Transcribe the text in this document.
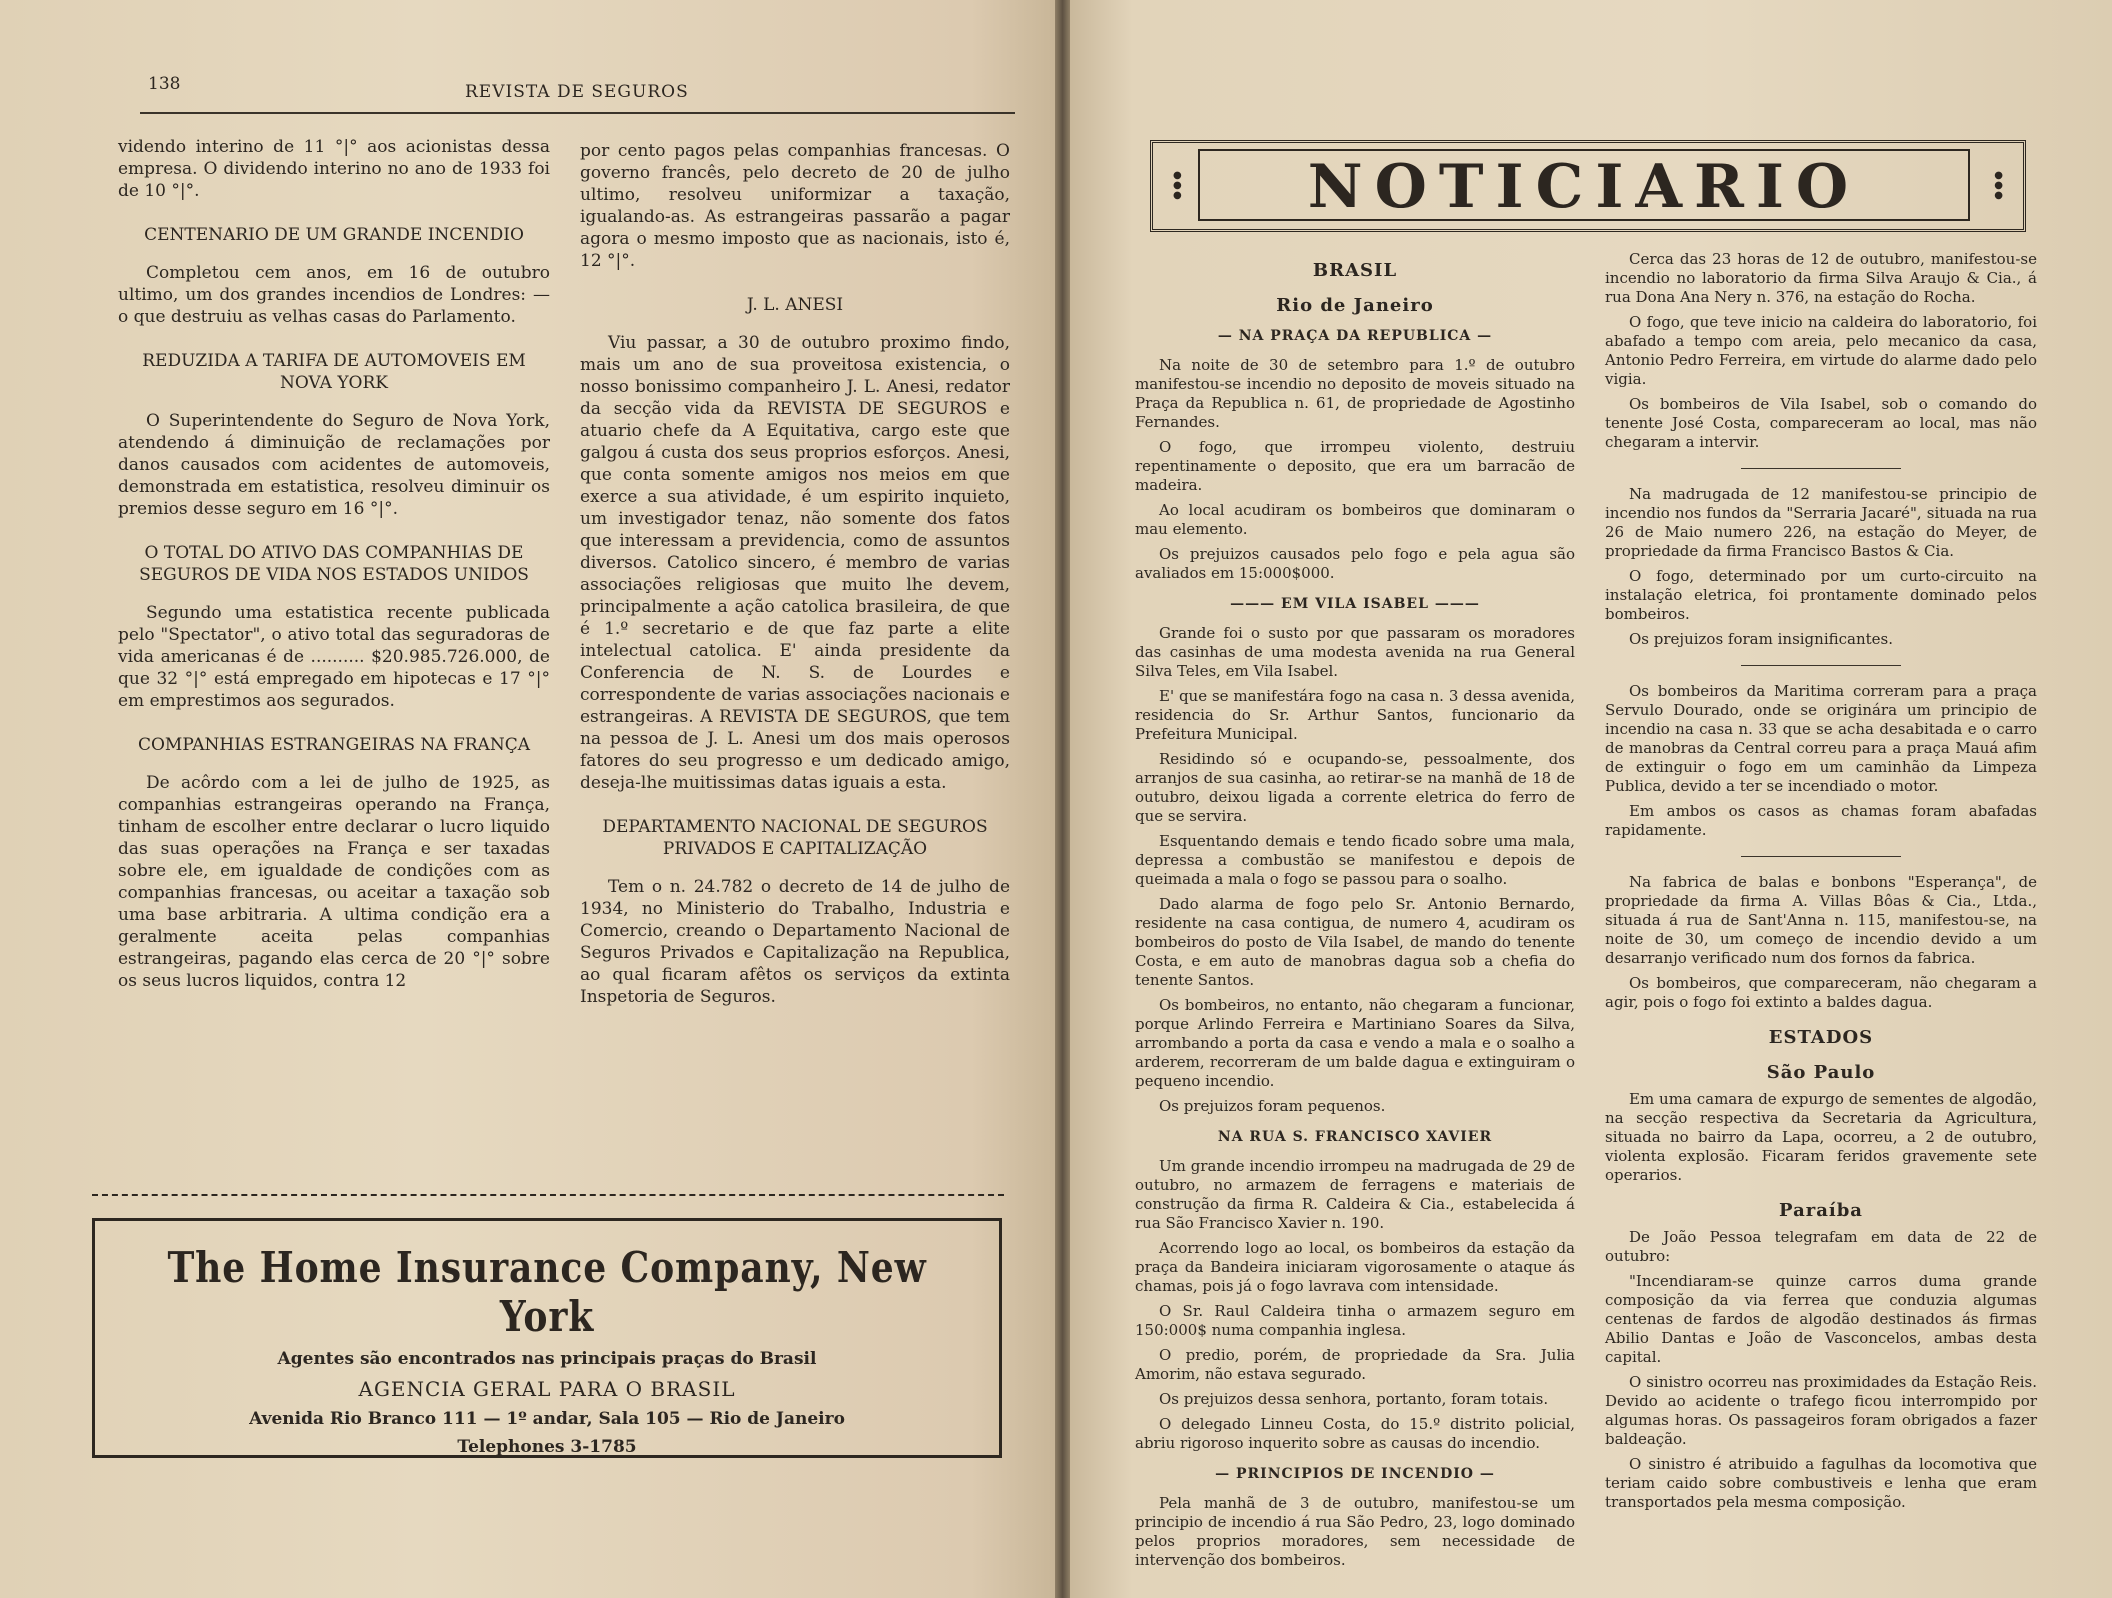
138	REVISTA DE SEGUROS

videndo interino de 11 °|° aos acionistas dessa empresa. O dividendo interino no ano de 1933 foi de 10 °|°.

CENTENARIO DE UM GRANDE INCENDIO

Completou cem anos, em 16 de outubro ultimo, um dos grandes incendios de Londres: — o que destruiu as velhas casas do Parlamento.

REDUZIDA A TARIFA DE AUTOMOVEIS EM NOVA YORK

O Superintendente do Seguro de Nova York, atendendo á diminuição de reclamações por danos causados com acidentes de automoveis, demonstrada em estatistica, resolveu diminuir os premios desse seguro em 16 °|°.

O TOTAL DO ATIVO DAS COMPANHIAS DE SEGUROS DE VIDA NOS ESTADOS UNIDOS

Segundo uma estatistica recente publicada pelo "Spectator", o ativo total das seguradoras de vida americanas é de .......... $20.985.726.000, de que 32 °|° está empregado em hipotecas e 17 °|° em emprestimos aos segurados.

COMPANHIAS ESTRANGEIRAS NA FRANÇA

De acôrdo com a lei de julho de 1925, as companhias estrangeiras operando na França, tinham de escolher entre declarar o lucro liquido das suas operações na França e ser taxadas sobre ele, em igualdade de condições com as companhias francesas, ou aceitar a taxação sob uma base arbitraria. A ultima condição era a geralmente aceita pelas companhias estrangeiras, pagando elas cerca de 20 °|° sobre os seus lucros liquidos, contra 12

por cento pagos pelas companhias francesas. O governo francês, pelo decreto de 20 de julho ultimo, resolveu uniformizar a taxação, igualando-as. As estrangeiras passarão a pagar agora o mesmo imposto que as nacionais, isto é, 12 °|°.

J. L. ANESI

Viu passar, a 30 de outubro proximo findo, mais um ano de sua proveitosa existencia, o nosso bonissimo companheiro J. L. Anesi, redator da secção vida da REVISTA DE SEGUROS e atuario chefe da A Equitativa, cargo este que galgou á custa dos seus proprios esforços. Anesi, que conta somente amigos nos meios em que exerce a sua atividade, é um espirito inquieto, um investigador tenaz, não somente dos fatos que interessam a previdencia, como de assuntos diversos. Catolico sincero, é membro de varias associações religiosas que muito lhe devem, principalmente a ação catolica brasileira, de que é 1.º secretario e de que faz parte a elite intelectual catolica. E' ainda presidente da Conferencia de N. S. de Lourdes e correspondente de varias associações nacionais e estrangeiras. A REVISTA DE SEGUROS, que tem na pessoa de J. L. Anesi um dos mais operosos fatores do seu progresso e um dedicado amigo, deseja-lhe muitissimas datas iguais a esta.

DEPARTAMENTO NACIONAL DE SEGUROS PRIVADOS E CAPITALIZAÇÃO

Tem o n. 24.782 o decreto de 14 de julho de 1934, no Ministerio do Trabalho, Industria e Comercio, creando o Departamento Nacional de Seguros Privados e Capitalização na Republica, ao qual ficaram afêtos os serviços da extinta Inspetoria de Seguros.

The Home Insurance Company, New York
Agentes são encontrados nas principais praças do Brasil
AGENCIA GERAL PARA O BRASIL
Avenida Rio Branco 111 — 1º andar, Sala 105 — Rio de Janeiro
Telephones 3-1785
●
●
●	NOTICIARIO	●
●
●
BRASIL
Rio de Janeiro
— NA PRAÇA DA REPUBLICA —

Na noite de 30 de setembro para 1.º de outubro manifestou-se incendio no deposito de moveis situado na Praça da Republica n. 61, de propriedade de Agostinho Fernandes.

O fogo, que irrompeu violento, destruiu repentinamente o deposito, que era um barracão de madeira.

Ao local acudiram os bombeiros que dominaram o mau elemento.

Os prejuizos causados pelo fogo e pela agua são avaliados em 15:000$000.

——— EM VILA ISABEL ———

Grande foi o susto por que passaram os moradores das casinhas de uma modesta avenida na rua General Silva Teles, em Vila Isabel.

E' que se manifestára fogo na casa n. 3 dessa avenida, residencia do Sr. Arthur Santos, funcionario da Prefeitura Municipal.

Residindo só e ocupando-se, pessoalmente, dos arranjos de sua casinha, ao retirar-se na manhã de 18 de outubro, deixou ligada a corrente eletrica do ferro de que se servira.

Esquentando demais e tendo ficado sobre uma mala, depressa a combustão se manifestou e depois de queimada a mala o fogo se passou para o soalho.

Dado alarma de fogo pelo Sr. Antonio Bernardo, residente na casa contigua, de numero 4, acudiram os bombeiros do posto de Vila Isabel, de mando do tenente Costa, e em auto de manobras dagua sob a chefia do tenente Santos.

Os bombeiros, no entanto, não chegaram a funcionar, porque Arlindo Ferreira e Martiniano Soares da Silva, arrombando a porta da casa e vendo a mala e o soalho a arderem, recorreram de um balde dagua e extinguiram o pequeno incendio.

Os prejuizos foram pequenos.

NA RUA S. FRANCISCO XAVIER

Um grande incendio irrompeu na madrugada de 29 de outubro, no armazem de ferragens e materiais de construção da firma R. Caldeira & Cia., estabelecida á rua São Francisco Xavier n. 190.

Acorrendo logo ao local, os bombeiros da estação da praça da Bandeira iniciaram vigorosamente o ataque ás chamas, pois já o fogo lavrava com intensidade.

O Sr. Raul Caldeira tinha o armazem seguro em 150:000$ numa companhia inglesa.

O predio, porém, de propriedade da Sra. Julia Amorim, não estava segurado.

Os prejuizos dessa senhora, portanto, foram totais.

O delegado Linneu Costa, do 15.º distrito policial, abriu rigoroso inquerito sobre as causas do incendio.

— PRINCIPIOS DE INCENDIO —

Pela manhã de 3 de outubro, manifestou-se um principio de incendio á rua São Pedro, 23, logo dominado pelos proprios moradores, sem necessidade de intervenção dos bombeiros.

Cerca das 23 horas de 12 de outubro, manifestou-se incendio no laboratorio da firma Silva Araujo & Cia., á rua Dona Ana Nery n. 376, na estação do Rocha.

O fogo, que teve inicio na caldeira do laboratorio, foi abafado a tempo com areia, pelo mecanico da casa, Antonio Pedro Ferreira, em virtude do alarme dado pelo vigia.

Os bombeiros de Vila Isabel, sob o comando do tenente José Costa, compareceram ao local, mas não chegaram a intervir.

Na madrugada de 12 manifestou-se principio de incendio nos fundos da "Serraria Jacaré", situada na rua 26 de Maio numero 226, na estação do Meyer, de propriedade da firma Francisco Bastos & Cia.

O fogo, determinado por um curto-circuito na instalação eletrica, foi prontamente dominado pelos bombeiros.

Os prejuizos foram insignificantes.

Os bombeiros da Maritima correram para a praça Servulo Dourado, onde se originára um principio de incendio na casa n. 33 que se acha desabitada e o carro de manobras da Central correu para a praça Mauá afim de extinguir o fogo em um caminhão da Limpeza Publica, devido a ter se incendiado o motor.

Em ambos os casos as chamas foram abafadas rapidamente.

Na fabrica de balas e bonbons "Esperança", de propriedade da firma A. Villas Bôas & Cia., Ltda., situada á rua de Sant'Anna n. 115, manifestou-se, na noite de 30, um começo de incendio devido a um desarranjo verificado num dos fornos da fabrica.

Os bombeiros, que compareceram, não chegaram a agir, pois o fogo foi extinto a baldes dagua.

ESTADOS
São Paulo

Em uma camara de expurgo de sementes de algodão, na secção respectiva da Secretaria da Agricultura, situada no bairro da Lapa, ocorreu, a 2 de outubro, violenta explosão. Ficaram feridos gravemente sete operarios.

Paraíba

De João Pessoa telegrafam em data de 22 de outubro:

"Incendiaram-se quinze carros duma grande composição da via ferrea que conduzia algumas centenas de fardos de algodão destinados ás firmas Abilio Dantas e João de Vasconcelos, ambas desta capital.

O sinistro ocorreu nas proximidades da Estação Reis. Devido ao acidente o trafego ficou interrompido por algumas horas. Os passageiros foram obrigados a fazer baldeação.

O sinistro é atribuido a fagulhas da locomotiva que teriam caido sobre combustiveis e lenha que eram transportados pela mesma composição.
